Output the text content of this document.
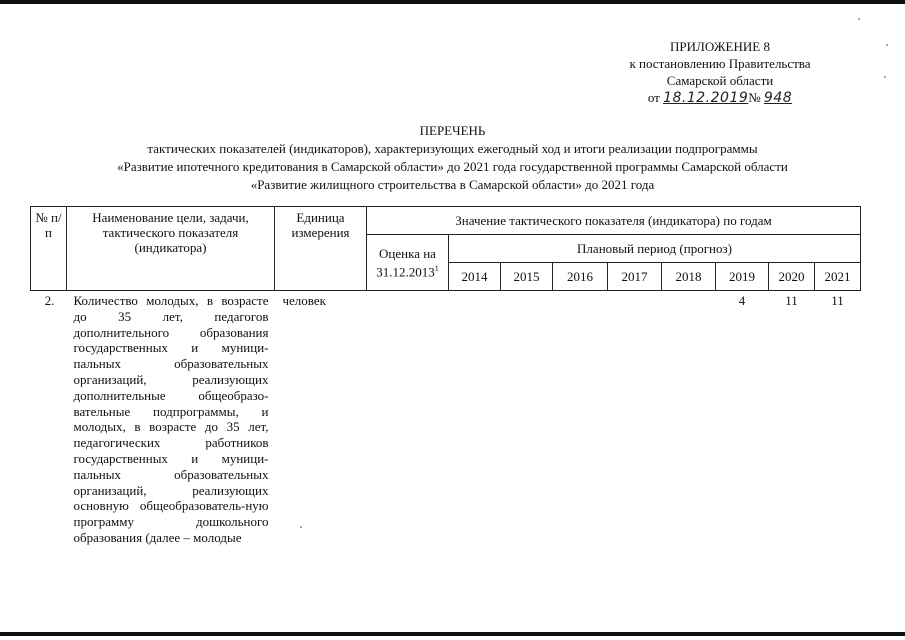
ПРИЛОЖЕНИЕ 8
к постановлению Правительства
Самарской области
от 18.12.2019№ 948
ПЕРЕЧЕНЬ
тактических показателей (индикаторов), характеризующих ежегодный ход и итоги реализации подпрограммы
«Развитие ипотечного кредитования в Самарской области» до 2021 года государственной программы Самарской области
«Развитие жилищного строительства в Самарской области» до 2021 года
№ п/п	Наименование цели, задачи, тактического показателя (индикатора)	Единица измерения	Значение тактического показателя (индикатора) по годам								
			Оценка на 31.12.2013$^1$	Плановый период (прогноз)							
				2014	2015	2016	2017	2018	2019	2020	2021
2.	Количество молодых, в возрасте до 35 лет, педагогов дополнительного образования государственных и муници-пальных образовательных организаций, реализующих дополнительные общеобразо-вательные подпрограммы, и молодых, в возрасте до 35 лет, педагогических работников государственных и муници-пальных образовательных организаций, реализующих основную общеобразователь-ную программу дошкольного образования (далее – молодые	человек							4	11	11
